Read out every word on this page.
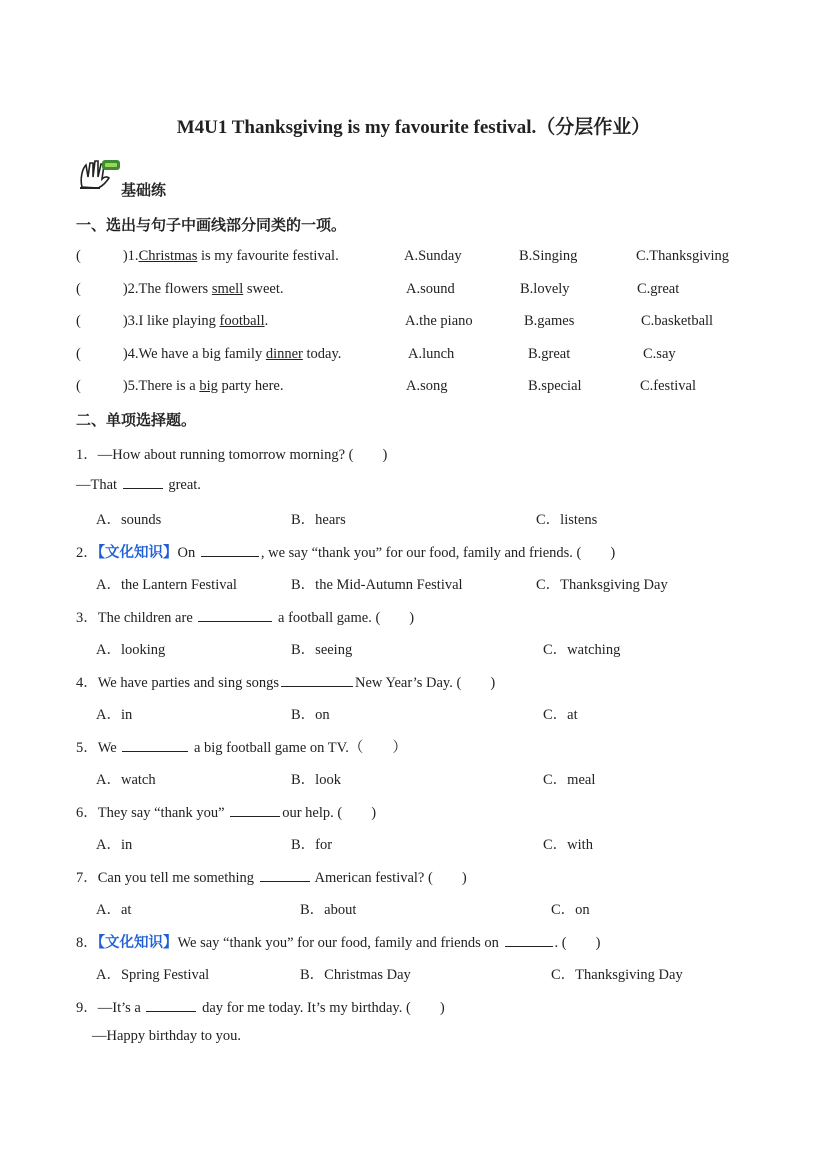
M4U1 Thanksgiving is my favourite festival.（分层作业）
基础练
一、选出与句子中画线部分同类的一项。
(	)1.Christmas is my favourite festival.	A.Sunday	B.Singing	C.Thanksgiving
(	)2.The flowers smell sweet.	A.sound	B.lovely	C.great
(	)3.I like playing football.	A.the piano	B.games	C.basketball
(	)4.We have a big family dinner today.	A.lunch	B.great	C.say
(	)5.There is a big party here.	A.song	B.special	C.festival
二、单项选择题。
1．—How about running tomorrow morning? (　　)
—That	great.
A．sounds	B．hears	C．listens
2．【文化知识】On	, we say “thank you” for our food, family and friends. (　　)
A．the Lantern Festival	B．the Mid-Autumn Festival	C．Thanksgiving Day
3．The children are	a football game. (　　)
A．looking	B．seeing	C．watching
4．We have parties and sing songs	New Year’s Day. (　　)
A．in	B．on	C．at
5．We	a big football game on TV.（　　）
A．watch	B．look	C．meal
6．They say “thank you”	our help. (　　)
A．in	B．for	C．with
7．Can you tell me something	American festival? (　　)
A．at	B．about	C．on
8．【文化知识】We say “thank you” for our food, family and friends on	. (　　)
A．Spring Festival	B．Christmas Day	C．Thanksgiving Day
9．—It’s a	day for me today. It’s my birthday. (　　)
—Happy birthday to you.
